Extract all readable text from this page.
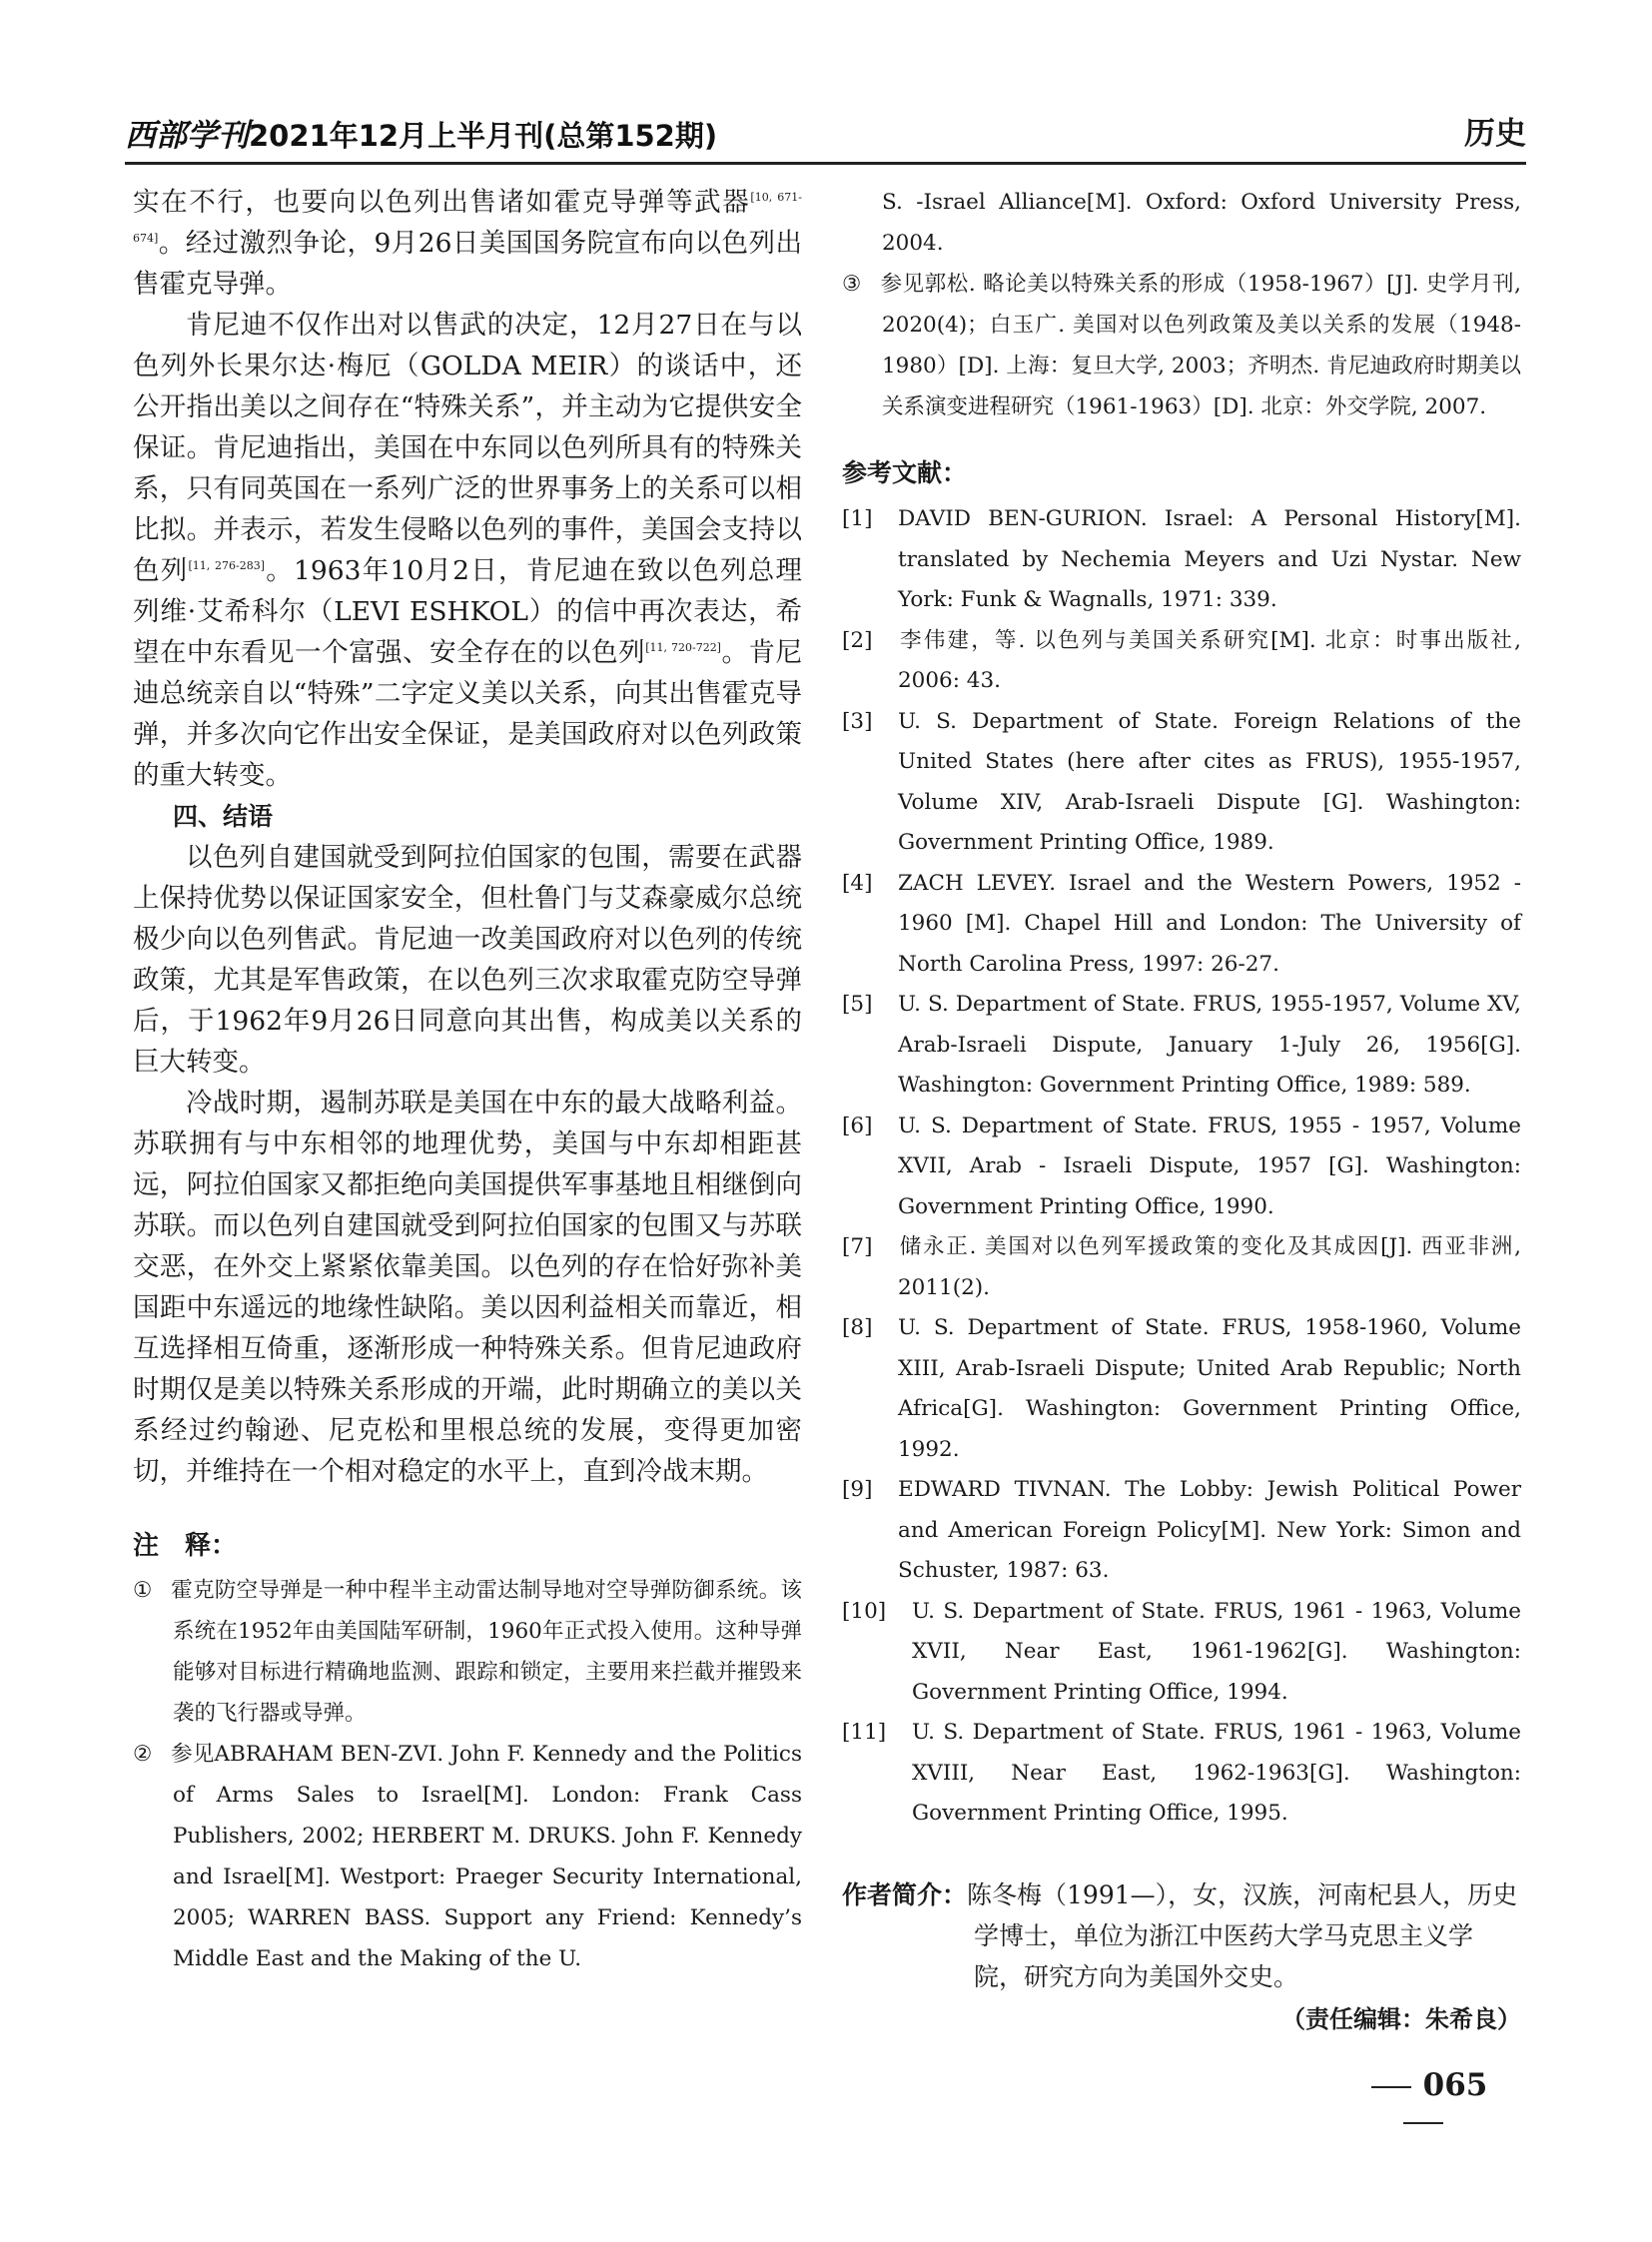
西部学刊2021年12月上半月刊(总第152期)	历史

实在不行，也要向以色列出售诸如霍克导弹等武器[10, 671-674]。经过激烈争论，9月26日美国国务院宣布向以色列出售霍克导弹。

肯尼迪不仅作出对以售武的决定，12月27日在与以色列外长果尔达·梅厄（GOLDA MEIR）的谈话中，还公开指出美以之间存在“特殊关系”，并主动为它提供安全保证。肯尼迪指出，美国在中东同以色列所具有的特殊关系，只有同英国在一系列广泛的世界事务上的关系可以相比拟。并表示，若发生侵略以色列的事件，美国会支持以色列[11, 276-283]。1963年10月2日，肯尼迪在致以色列总理列维·艾希科尔（LEVI ESHKOL）的信中再次表达，希望在中东看见一个富强、安全存在的以色列[11, 720-722]。肯尼迪总统亲自以“特殊”二字定义美以关系，向其出售霍克导弹，并多次向它作出安全保证，是美国政府对以色列政策的重大转变。

四、结语

以色列自建国就受到阿拉伯国家的包围，需要在武器上保持优势以保证国家安全，但杜鲁门与艾森豪威尔总统极少向以色列售武。肯尼迪一改美国政府对以色列的传统政策，尤其是军售政策，在以色列三次求取霍克防空导弹后，于1962年9月26日同意向其出售，构成美以关系的巨大转变。

冷战时期，遏制苏联是美国在中东的最大战略利益。苏联拥有与中东相邻的地理优势，美国与中东却相距甚远，阿拉伯国家又都拒绝向美国提供军事基地且相继倒向苏联。而以色列自建国就受到阿拉伯国家的包围又与苏联交恶，在外交上紧紧依靠美国。以色列的存在恰好弥补美国距中东遥远的地缘性缺陷。美以因利益相关而靠近，相互选择相互倚重，逐渐形成一种特殊关系。但肯尼迪政府时期仅是美以特殊关系形成的开端，此时期确立的美以关系经过约翰逊、尼克松和里根总统的发展，变得更加密切，并维持在一个相对稳定的水平上，直到冷战末期。

注　释：

① 霍克防空导弹是一种中程半主动雷达制导地对空导弹防御系统。该系统在1952年由美国陆军研制，1960年正式投入使用。这种导弹能够对目标进行精确地监测、跟踪和锁定，主要用来拦截并摧毁来袭的飞行器或导弹。

② 参见ABRAHAM BEN-ZVI. John F. Kennedy and the Politics of Arms Sales to Israel[M]. London: Frank Cass Publishers, 2002; HERBERT M. DRUKS. John F. Kennedy and Israel[M]. Westport: Praeger Security International, 2005; WARREN BASS. Support any Friend: Kennedy’s Middle East and the Making of the U.

S. -Israel Alliance[M]. Oxford: Oxford University Press, 2004.

③ 参见郭松. 略论美以特殊关系的形成（1958-1967）[J]. 史学月刊, 2020(4)；白玉广. 美国对以色列政策及美以关系的发展（1948-1980）[D]. 上海：复旦大学, 2003；齐明杰. 肯尼迪政府时期美以关系演变进程研究（1961-1963）[D]. 北京：外交学院, 2007.

参考文献：

[1] DAVID BEN-GURION. Israel: A Personal History[M]. translated by Nechemia Meyers and Uzi Nystar. New York: Funk & Wagnalls, 1971: 339.

[2] 李伟建，等. 以色列与美国关系研究[M]. 北京：时事出版社, 2006: 43.

[3] U. S. Department of State. Foreign Relations of the United States (here after cites as FRUS), 1955-1957, Volume XIV, Arab-Israeli Dispute [G]. Washington: Government Printing Office, 1989.

[4] ZACH LEVEY. Israel and the Western Powers, 1952 - 1960 [M]. Chapel Hill and London: The University of North Carolina Press, 1997: 26-27.

[5] U. S. Department of State. FRUS, 1955-1957, Volume XV, Arab-Israeli Dispute, January 1-July 26, 1956[G]. Washington: Government Printing Office, 1989: 589.

[6] U. S. Department of State. FRUS, 1955 - 1957, Volume XVII, Arab - Israeli Dispute, 1957 [G]. Washington: Government Printing Office, 1990.

[7] 储永正. 美国对以色列军援政策的变化及其成因[J]. 西亚非洲, 2011(2).

[8] U. S. Department of State. FRUS, 1958-1960, Volume XIII, Arab-Israeli Dispute; United Arab Republic; North Africa[G]. Washington: Government Printing Office, 1992.

[9] EDWARD TIVNAN. The Lobby: Jewish Political Power and American Foreign Policy[M]. New York: Simon and Schuster, 1987: 63.

[10] U. S. Department of State. FRUS, 1961 - 1963, Volume XVII, Near East, 1961-1962[G]. Washington: Government Printing Office, 1994.

[11] U. S. Department of State. FRUS, 1961 - 1963, Volume XVIII, Near East, 1962-1963[G]. Washington: Government Printing Office, 1995.

作者简介：陈冬梅（1991—），女，汉族，河南杞县人，历史学博士，单位为浙江中医药大学马克思主义学院，研究方向为美国外交史。
（责任编辑：朱希良）
065
